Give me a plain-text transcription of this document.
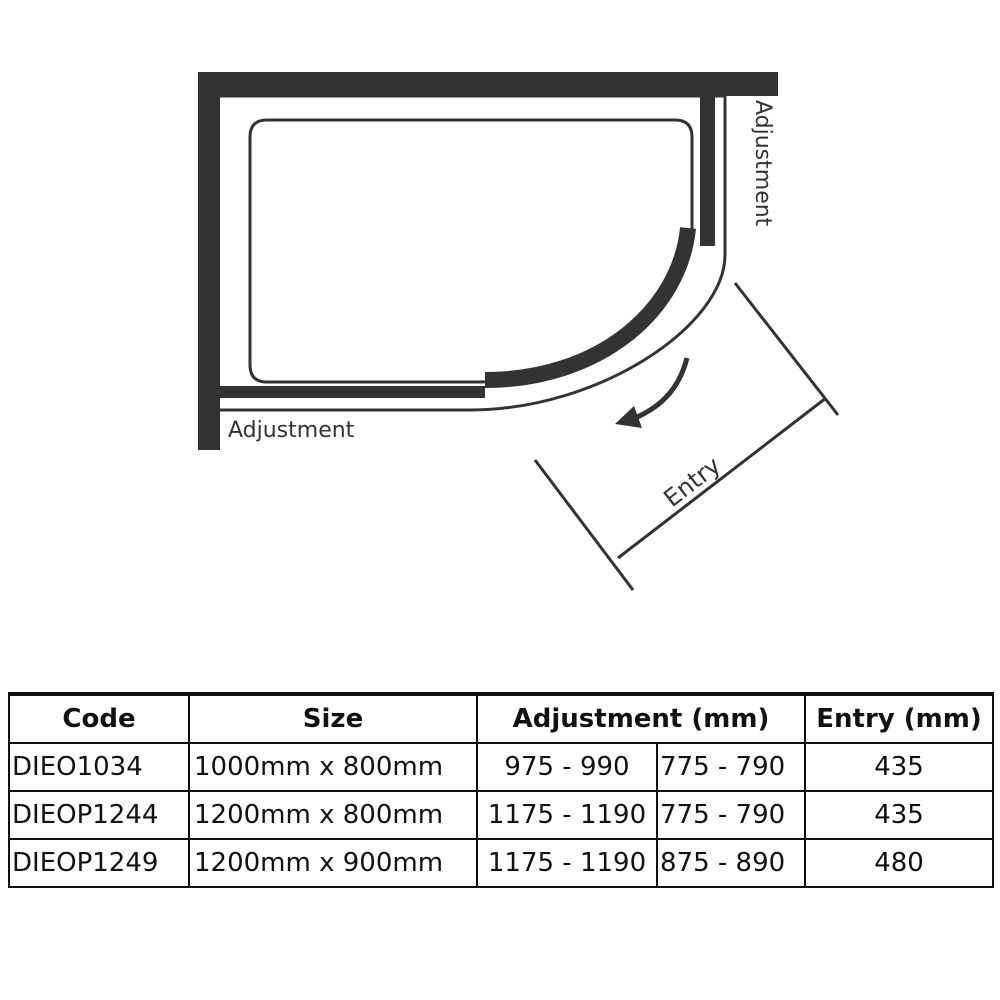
Adjustment
Adjustment
Entry
Code	Size	Adjustment (mm)		Entry (mm)
DIEO1034	1000mm x 800mm	975 - 990	775 - 790	435
DIEOP1244	1200mm x 800mm	1175 - 1190	775 - 790	435
DIEOP1249	1200mm x 900mm	1175 - 1190	875 - 890	480
